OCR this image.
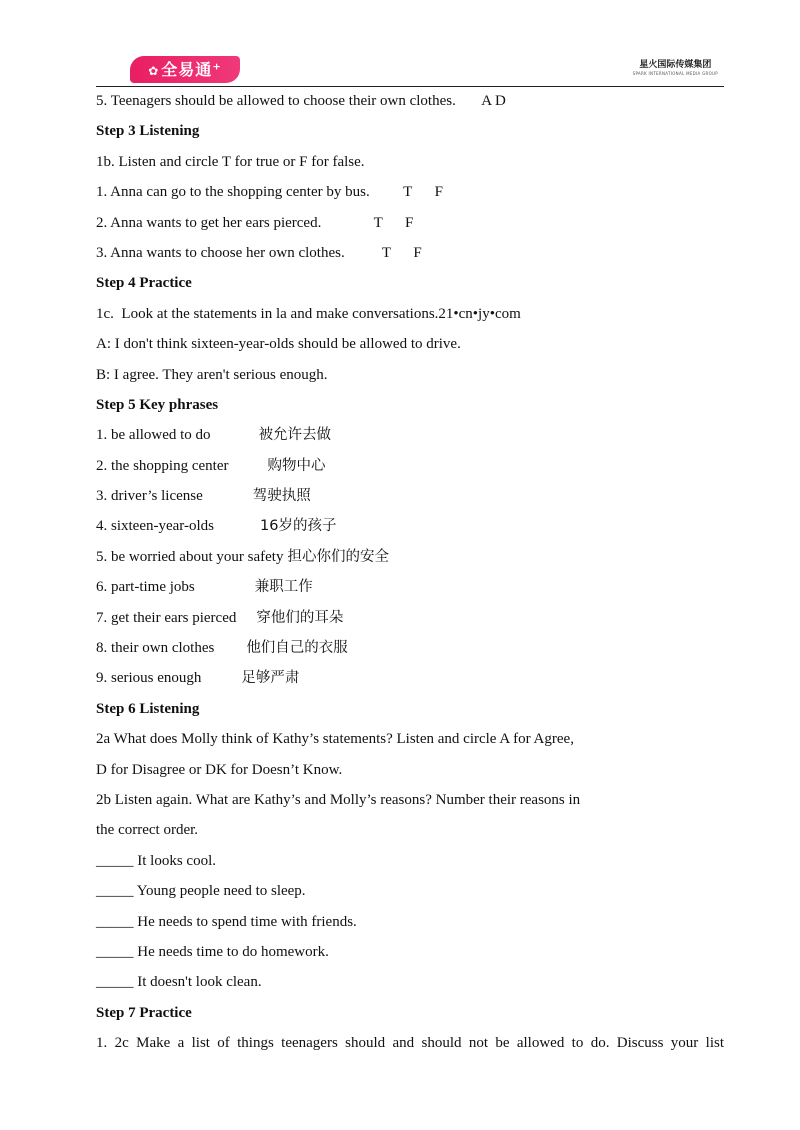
✿ 全易通⁺	星火国际传媒集团
SPARK INTERNATIONAL MEDIA GROUP
5. Teenagers should be allowed to choose their own clothes.       A D
Step 3 Listening
1b. Listen and circle T for true or F for false.
1. Anna can go to the shopping center by bus.         T      F
2. Anna wants to get her ears pierced.              T      F
3. Anna wants to choose her own clothes.          T      F
Step 4 Practice
1c.  Look at the statements in la and make conversations.21•cn•jy•com
A: I don't think sixteen-year-olds should be allowed to drive.
B: I agree. They aren't serious enough.
Step 5 Key phrases
1. be allowed to do	被允许去做
2. the shopping center	购物中心
3. driver’s license	驾驶执照
4. sixteen-year-olds	16岁的孩子
5. be worried about your safety 担心你们的安全
6. part-time jobs	兼职工作
7. get their ears pierced 穿他们的耳朵
8. their own clothes 他们自己的衣服
9. serious enough	足够严肃
Step 6 Listening
2a What does Molly think of Kathy’s statements? Listen and circle A for Agree,
D for Disagree or DK for Doesn’t Know.
2b Listen again. What are Kathy’s and Molly’s reasons? Number their reasons in
the correct order.
_____ It looks cool.
_____ Young people need to sleep.
_____ He needs to spend time with friends.
_____ He needs time to do homework.
_____ It doesn't look clean.
Step 7 Practice
1. 2c Make a list of things teenagers should and should not be allowed to do. Discuss your list
